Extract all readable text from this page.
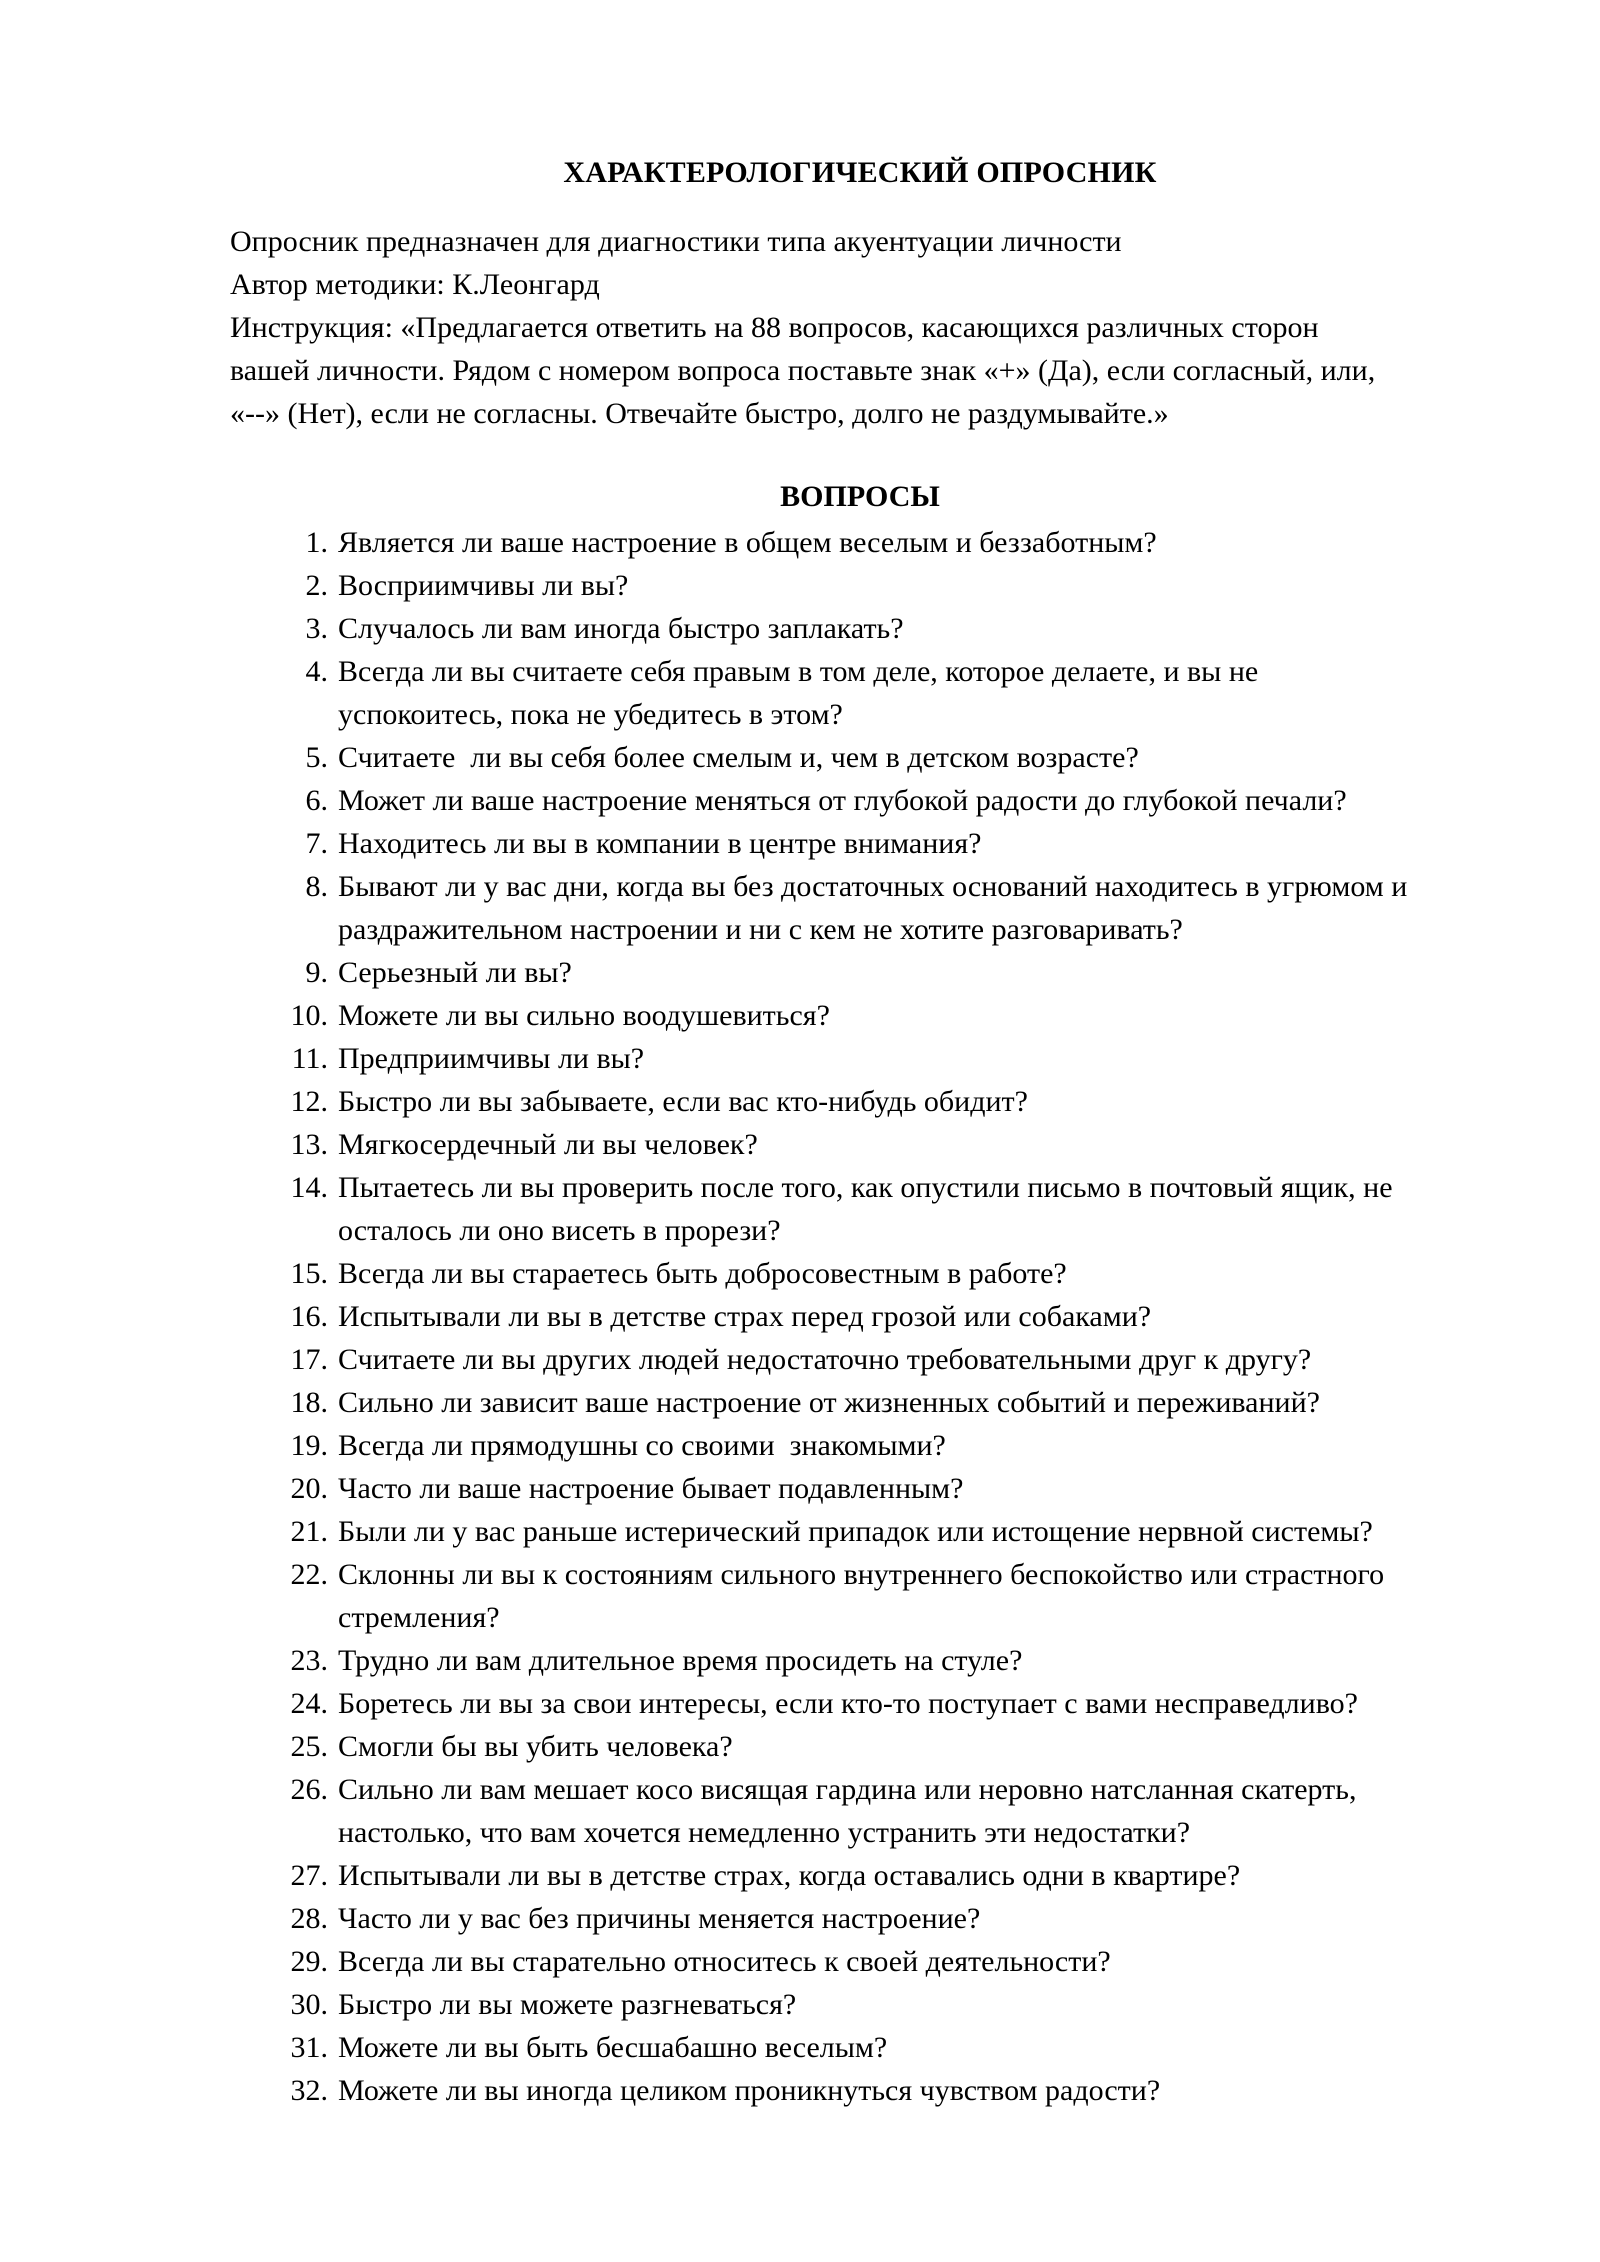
ХАРАКТЕРОЛОГИЧЕСКИЙ ОПРОСНИК

Опросник предназначен для диагностики типа акуентуации личности

Автор методики: К.Леонгард

Инструкция: «Предлагается ответить на 88 вопросов, касающихся различных сторон

вашей личности. Рядом с номером вопроса поставьте знак «+» (Да), если согласный, или,

«--» (Нет), если не согласны. Отвечайте быстро, долго не раздумывайте.»

ВОПРОСЫ
1. Является ли ваше настроение в общем веселым и беззаботным?
2. Восприимчивы ли вы?
3. Случалось ли вам иногда быстро заплакать?
4. Всегда ли вы считаете себя правым в том деле, которое делаете, и вы не
успокоитесь, пока не убедитесь в этом?
5. Считаете  ли вы себя более смелым и, чем в детском возрасте?
6. Может ли ваше настроение меняться от глубокой радости до глубокой печали?
7. Находитесь ли вы в компании в центре внимания?
8. Бывают ли у вас дни, когда вы без достаточных оснований находитесь в угрюмом и
раздражительном настроении и ни с кем не хотите разговаривать?
9. Серьезный ли вы?
10. Можете ли вы сильно воодушевиться?
11. Предприимчивы ли вы?
12. Быстро ли вы забываете, если вас кто-нибудь обидит?
13. Мягкосердечный ли вы человек?
14. Пытаетесь ли вы проверить после того, как опустили письмо в почтовый ящик, не
осталось ли оно висеть в прорези?
15. Всегда ли вы стараетесь быть добросовестным в работе?
16. Испытывали ли вы в детстве страх перед грозой или собаками?
17. Считаете ли вы других людей недостаточно требовательными друг к другу?
18. Сильно ли зависит ваше настроение от жизненных событий и переживаний?
19. Всегда ли прямодушны со своими  знакомыми?
20. Часто ли ваше настроение бывает подавленным?
21. Были ли у вас раньше истерический припадок или истощение нервной системы?
22. Склонны ли вы к состояниям сильного внутреннего беспокойство или страстного
стремления?
23. Трудно ли вам длительное время просидеть на стуле?
24. Боретесь ли вы за свои интересы, если кто-то поступает с вами несправедливо?
25. Смогли бы вы убить человека?
26. Сильно ли вам мешает косо висящая гардина или неровно натсланная скатерть,
настолько, что вам хочется немедленно устранить эти недостатки?
27. Испытывали ли вы в детстве страх, когда оставались одни в квартире?
28. Часто ли у вас без причины меняется настроение?
29. Всегда ли вы старательно относитесь к своей деятельности?
30. Быстро ли вы можете разгневаться?
31. Можете ли вы быть бесшабашно веселым?
32. Можете ли вы иногда целиком проникнуться чувством радости?
